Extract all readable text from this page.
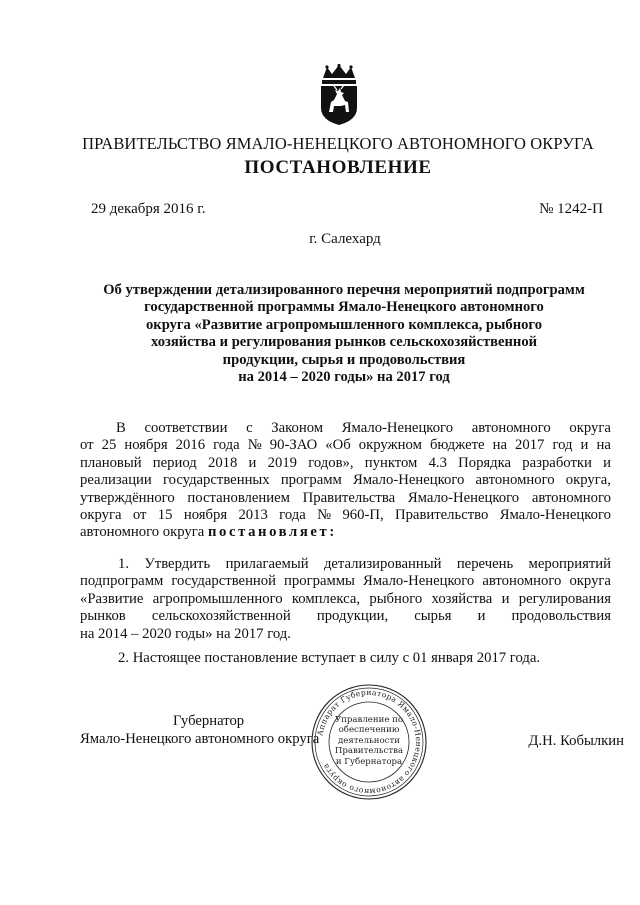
ПРАВИТЕЛЬСТВО ЯМАЛО-НЕНЕЦКОГО АВТОНОМНОГО ОКРУГА
ПОСТАНОВЛЕНИЕ
29 декабря 2016 г.	№ 1242-П
г. Салехард
Об утверждении детализированного перечня мероприятий подпрограмм
государственной программы Ямало-Ненецкого автономного
округа «Развитие агропромышленного комплекса, рыбного
хозяйства и регулирования рынков сельскохозяйственной
продукции, сырья и продовольствия
на 2014 – 2020 годы» на 2017 год
В соответствии с Законом Ямало-Ненецкого автономного округа
от 25 ноября 2016 года № 90-ЗАО «Об окружном бюджете на 2017 год и на
плановый период 2018 и 2019 годов», пунктом 4.3 Порядка разработки и
реализации государственных программ Ямало-Ненецкого автономного округа,
утверждённого постановлением Правительства Ямало-Ненецкого автономного
округа от 15 ноября 2013 года № 960-П, Правительство Ямало-Ненецкого
автономного округа
постановляет:
1. Утвердить прилагаемый детализированный перечень мероприятий
подпрограмм государственной программы Ямало-Ненецкого автономного округа
«Развитие агропромышленного комплекса, рыбного хозяйства и регулирования
рынков сельскохозяйственной продукции, сырья и продовольствия
на 2014 – 2020 годы» на 2017 год.
2. Настоящее постановление вступает в силу с 01 января 2017 года.
Губернатор
Ямало-Ненецкого автономного округа	Д.Н. Кобылкин
Аппарат Губернатора Ямало-Ненецкого автономного округа
Управление по
обеспечению
деятельности
Правительства
и Губернатора
